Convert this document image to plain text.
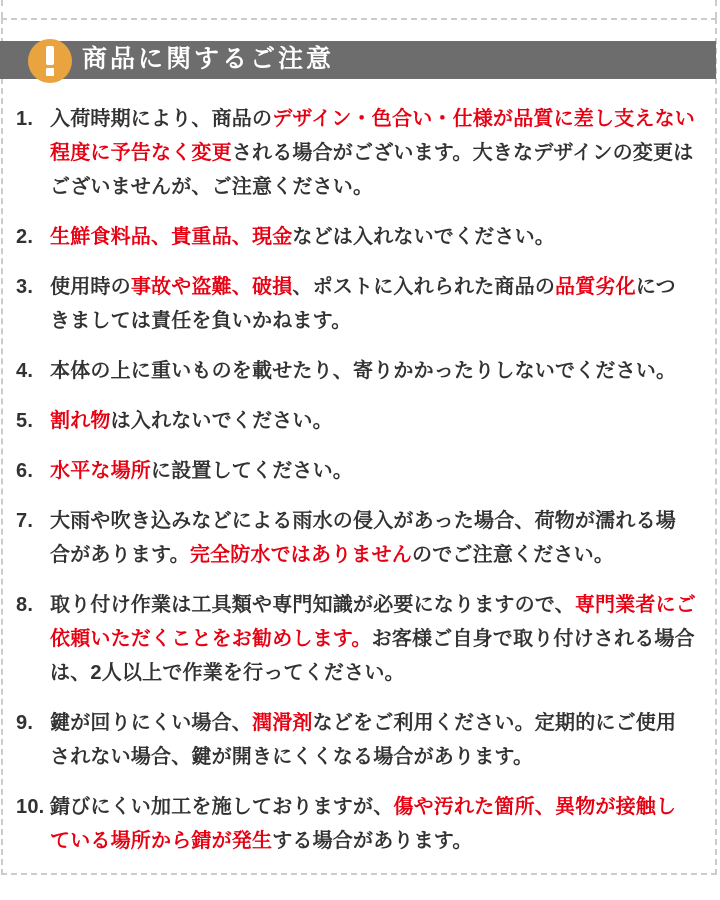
商品に関するご注意
1. 入荷時期により、商品のデザイン・色合い・仕様が品質に差し支えない程度に予告なく変更される場合がございます。大きなデザインの変更はございませんが、ご注意ください。
2. 生鮮食料品、貴重品、現金などは入れないでください。
3. 使用時の事故や盗難、破損、ポストに入れられた商品の品質劣化につきましては責任を負いかねます。
4. 本体の上に重いものを載せたり、寄りかかったりしないでください。
5. 割れ物は入れないでください。
6. 水平な場所に設置してください。
7. 大雨や吹き込みなどによる雨水の侵入があった場合、荷物が濡れる場合があります。完全防水ではありませんのでご注意ください。
8. 取り付け作業は工具類や専門知識が必要になりますので、専門業者にご依頼いただくことをお勧めします。お客様ご自身で取り付けされる場合は、2人以上で作業を行ってください。
9. 鍵が回りにくい場合、潤滑剤などをご利用ください。定期的にご使用されない場合、鍵が開きにくくなる場合があります。
10. 錆びにくい加工を施しておりますが、傷や汚れた箇所、異物が接触している場所から錆が発生する場合があります。
